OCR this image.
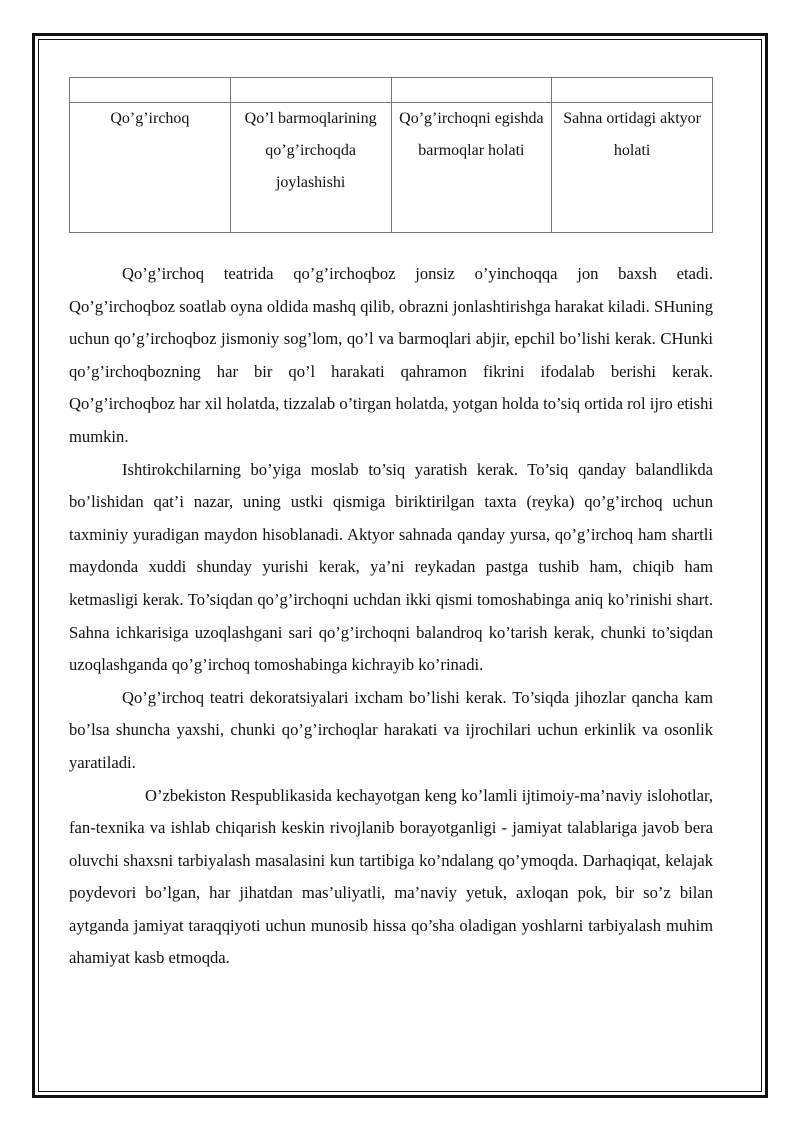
Qo’g’irchoq	Qo’l barmoqlarining qo’g’irchoqda joylashishi	Qo’g’irchoqni egishda barmoqlar holati	Sahna ortidagi aktyor holati

Qo’g’irchoq teatrida qo’g’irchoqboz jonsiz o’yinchoqqa jon baxsh etadi. Qo’g’irchoqboz soatlab oyna oldida mashq qilib, obrazni jonlashtirishga harakat kiladi. SHuning uchun qo’g’irchoqboz jismoniy sog’lom, qo’l va barmoqlari abjir, epchil bo’lishi kerak. CHunki qo’g’irchoqbozning har bir qo’l harakati qahramon fikrini ifodalab berishi kerak. Qo’g’irchoqboz har xil holatda, tizzalab o’tirgan holatda, yotgan holda to’siq ortida rol ijro etishi mumkin.

Ishtirokchilarning bo’yiga moslab to’siq yaratish kerak. To’siq qanday balandlikda bo’lishidan qat’i nazar, uning ustki qismiga biriktirilgan taxta (reyka) qo’g’irchoq uchun taxminiy yuradigan maydon hisoblanadi. Aktyor sahnada qanday yursa, qo’g’irchoq ham shartli maydonda xuddi shunday yurishi kerak, ya’ni reykadan pastga tushib ham, chiqib ham ketmasligi kerak. To’siqdan qo’g’irchoqni uchdan ikki qismi tomoshabinga aniq ko’rinishi shart. Sahna ichkarisiga uzoqlashgani sari qo’g’irchoqni balandroq ko’tarish kerak, chunki to’siqdan uzoqlashganda qo’g’irchoq tomoshabinga kichrayib ko’rinadi.

Qo’g’irchoq teatri dekoratsiyalari ixcham bo’lishi kerak. To’siqda jihozlar qancha kam bo’lsa shuncha yaxshi, chunki qo’g’irchoqlar harakati va ijrochilari uchun erkinlik va osonlik yaratiladi.

O’zbekiston Respublikasida kechayotgan keng ko’lamli ijtimoiy-ma’naviy islohotlar, fan-texnika va ishlab chiqarish keskin rivojlanib borayotganligi - jamiyat talablariga javob bera oluvchi shaxsni tarbiyalash masalasini kun tartibiga ko’ndalang qo’ymoqda. Darhaqiqat, kelajak poydevori bo’lgan, har jihatdan mas’uliyatli, ma’naviy yetuk, axloqan pok, bir so’z bilan aytganda jamiyat taraqqiyoti uchun munosib hissa qo’sha oladigan yoshlarni tarbiyalash muhim ahamiyat kasb etmoqda.
